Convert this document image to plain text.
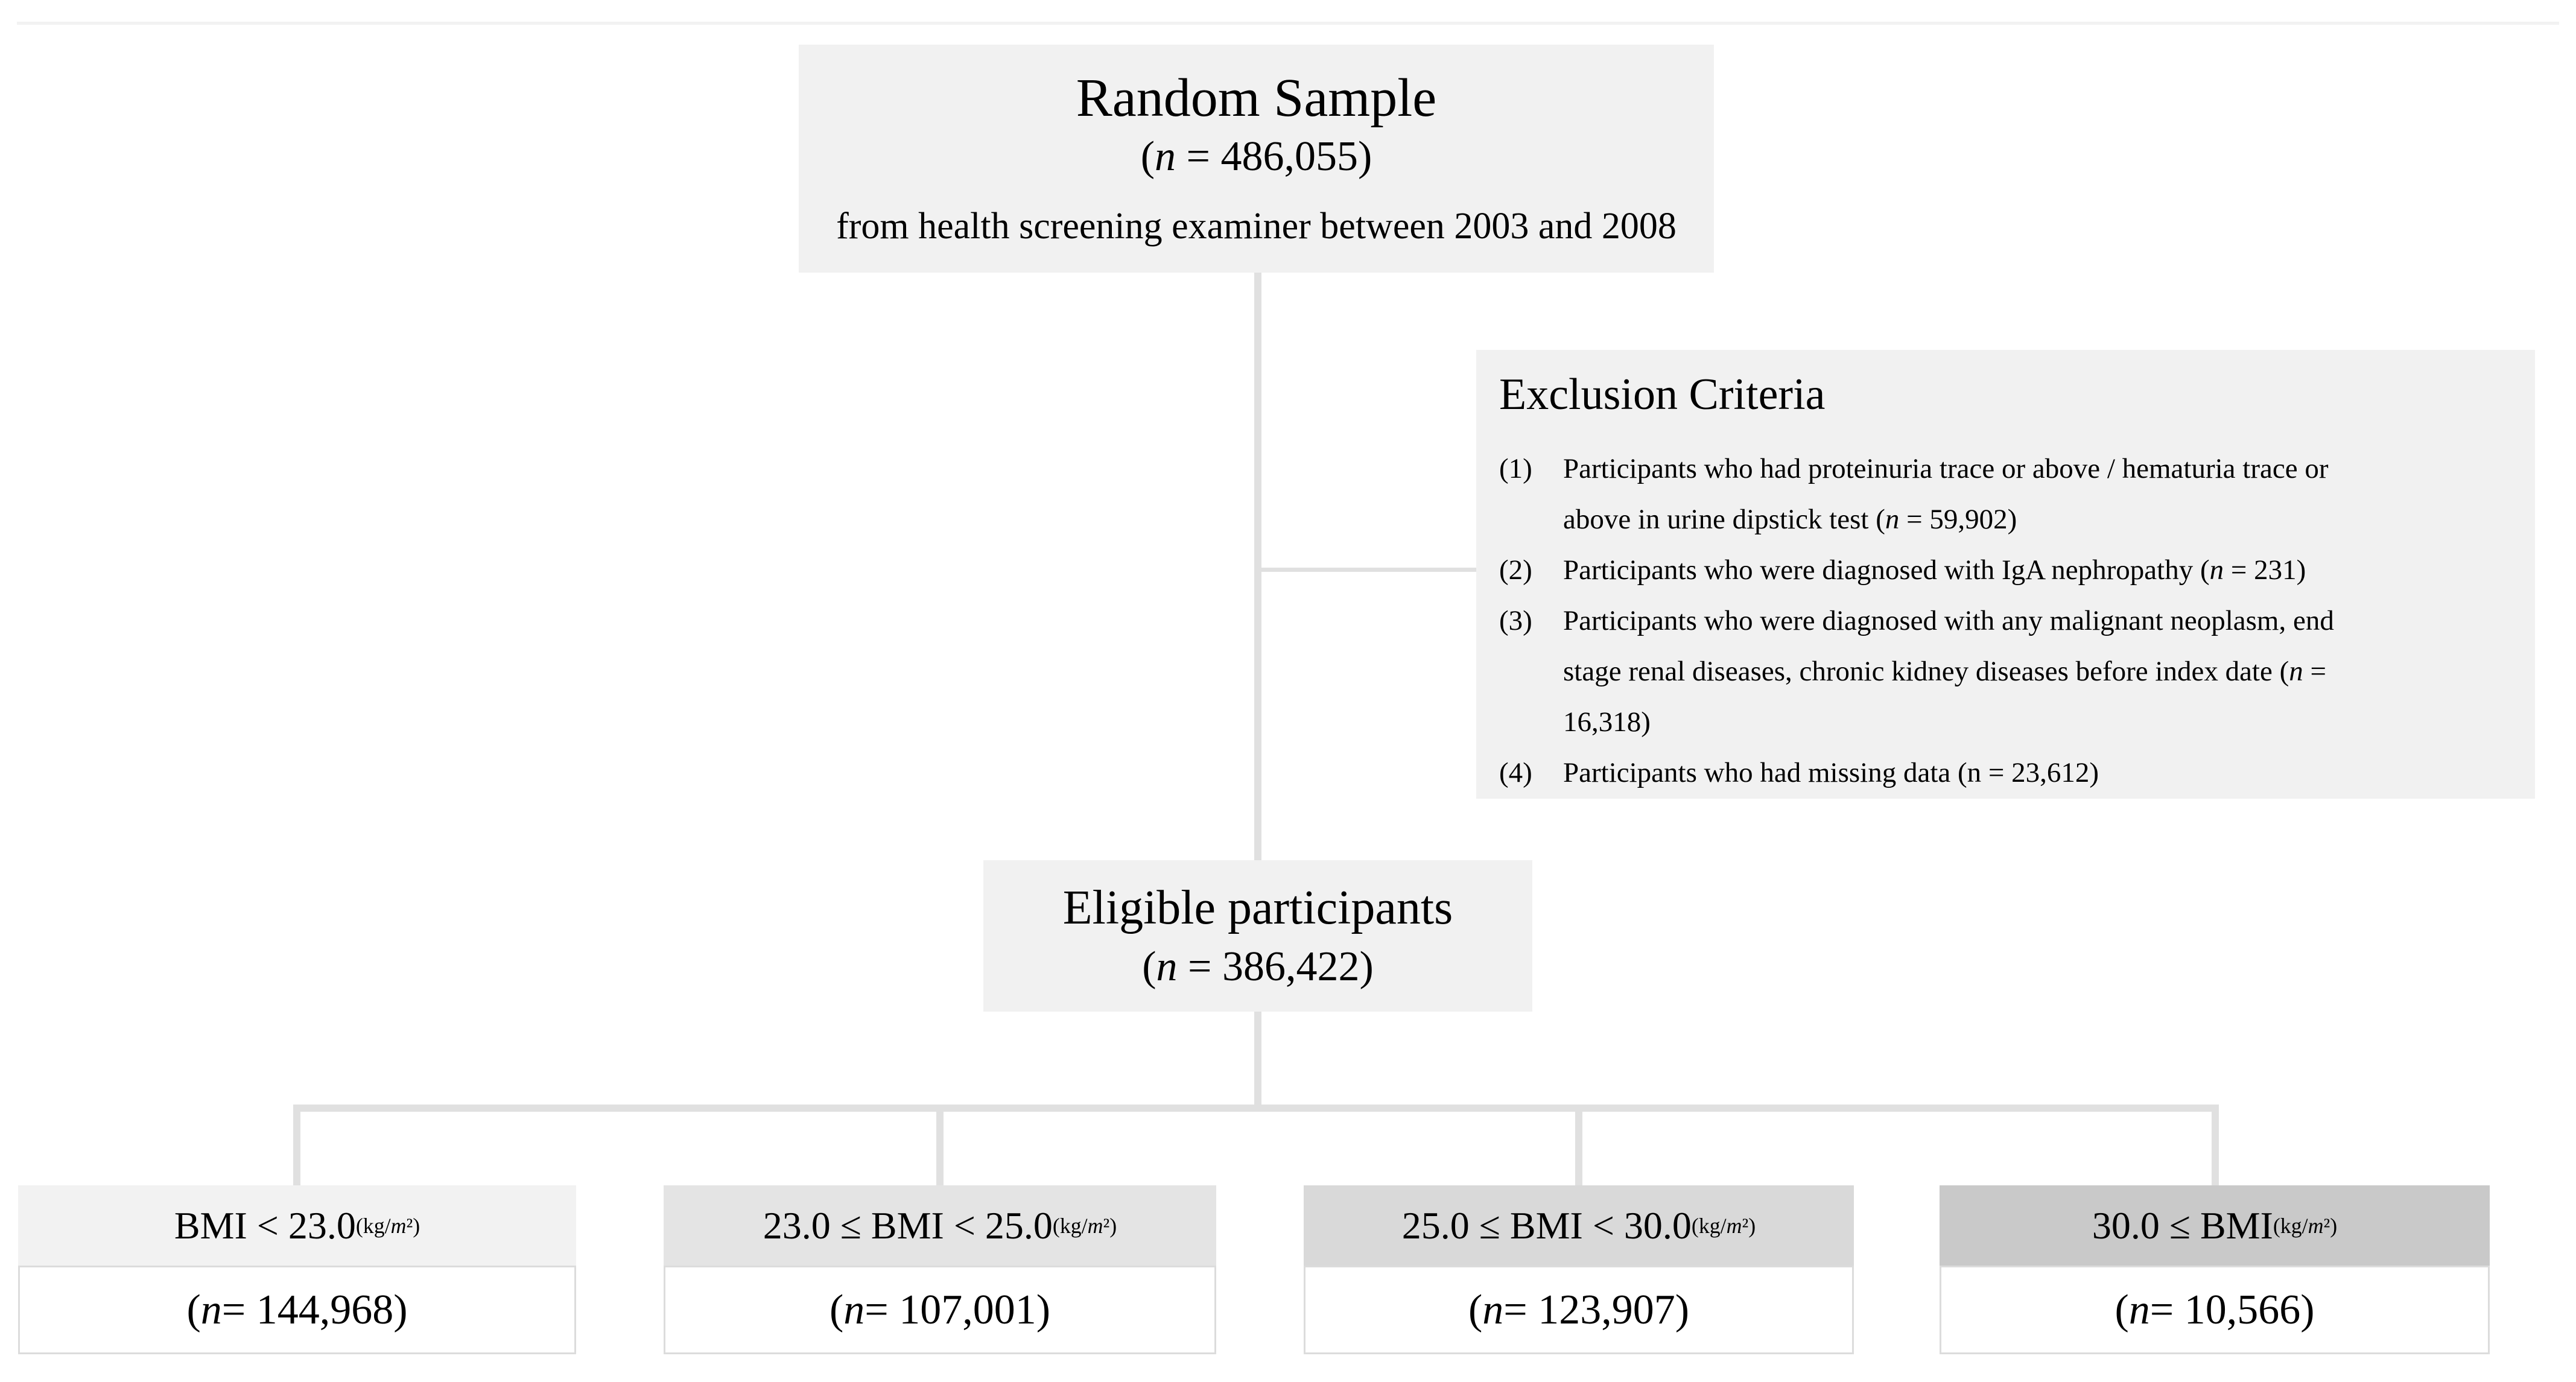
Random Sample
(n = 486,055)
from health screening examiner between 2003 and 2008
Exclusion Criteria
(1)	Participants who had proteinuria trace or above / hematuria trace or
above in urine dipstick test (n = 59,902)
(2)	Participants who were diagnosed with IgA nephropathy (n = 231)
(3)	Participants who were diagnosed with any malignant neoplasm, end
stage renal diseases, chronic kidney diseases before index date (n =
16,318)
(4)	Participants who had missing data (n = 23,612)
Eligible participants
(n = 386,422)
BMI < 23.0 (kg/ m ²)
( n = 144,968)
23.0 ≤ BMI < 25.0 (kg/ m ²)
( n = 107,001)
25.0 ≤ BMI < 30.0 (kg/ m ²)
( n = 123,907)
30.0 ≤ BMI (kg/ m ²)
( n = 10,566)
